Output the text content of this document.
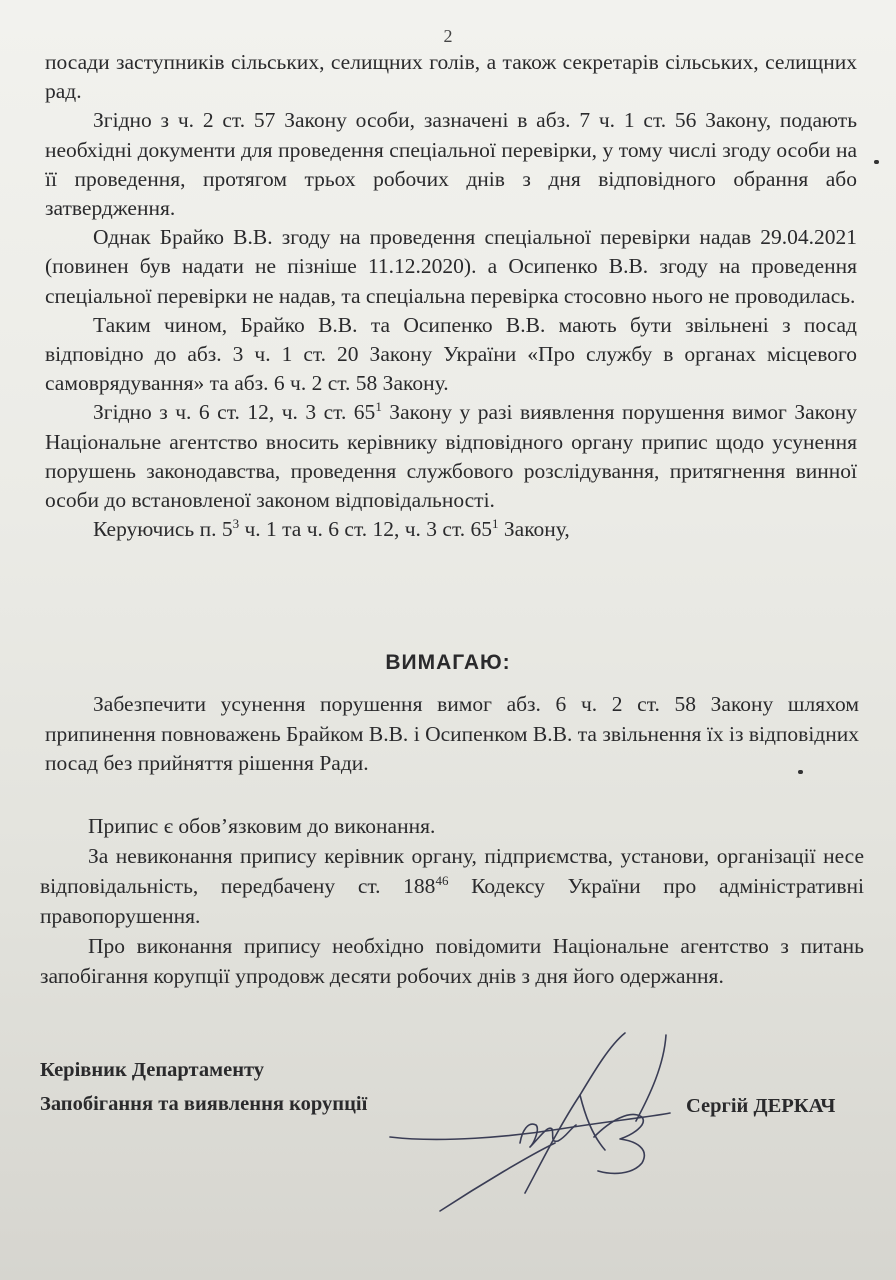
2

посади заступників сільських, селищних голів, а також секретарів сільських, селищних рад.

Згідно з ч. 2 ст. 57 Закону особи, зазначені в абз. 7 ч. 1 ст. 56 Закону, подають необхідні документи для проведення спеціальної перевірки, у тому числі згоду особи на її проведення, протягом трьох робочих днів з дня відповідного обрання або затвердження.

Однак Брайко В.В. згоду на проведення спеціальної перевірки надав 29.04.2021 (повинен був надати не пізніше 11.12.2020). а Осипенко В.В. згоду на проведення спеціальної перевірки не надав, та спеціальна перевірка стосовно нього не проводилась.

Таким чином, Брайко В.В. та Осипенко В.В. мають бути звільнені з посад відповідно до абз. 3 ч. 1 ст. 20 Закону України «Про службу в органах місцевого самоврядування» та абз. 6 ч. 2 ст. 58 Закону.

Згідно з ч. 6 ст. 12, ч. 3 ст. $65^1$ Закону у разі виявлення порушення вимог Закону Національне агентство вносить керівнику відповідного органу припис щодо усунення порушень законодавства, проведення службового розслідування, притягнення винної особи до встановленої законом відповідальності.

Керуючись п. $5^3$ ч. 1 та ч. 6 ст. 12, ч. 3 ст. $65^1$ Закону,

ВИМАГАЮ:

Забезпечити усунення порушення вимог абз. 6 ч. 2 ст. 58 Закону шляхом припинення повноважень Брайком В.В. і Осипенком В.В. та звільнення їх із відповідних посад без прийняття рішення Ради.

Припис є обов’язковим до виконання.

За невиконання припису керівник органу, підприємства, установи, організації несе відповідальність, передбачену ст. $188^{46}$ Кодексу України про адміністративні правопорушення.

Про виконання припису необхідно повідомити Національне агентство з питань запобігання корупції упродовж десяти робочих днів з дня його одержання.

Керівник Департаменту
Запобігання та виявлення корупції	Сергій ДЕРКАЧ
